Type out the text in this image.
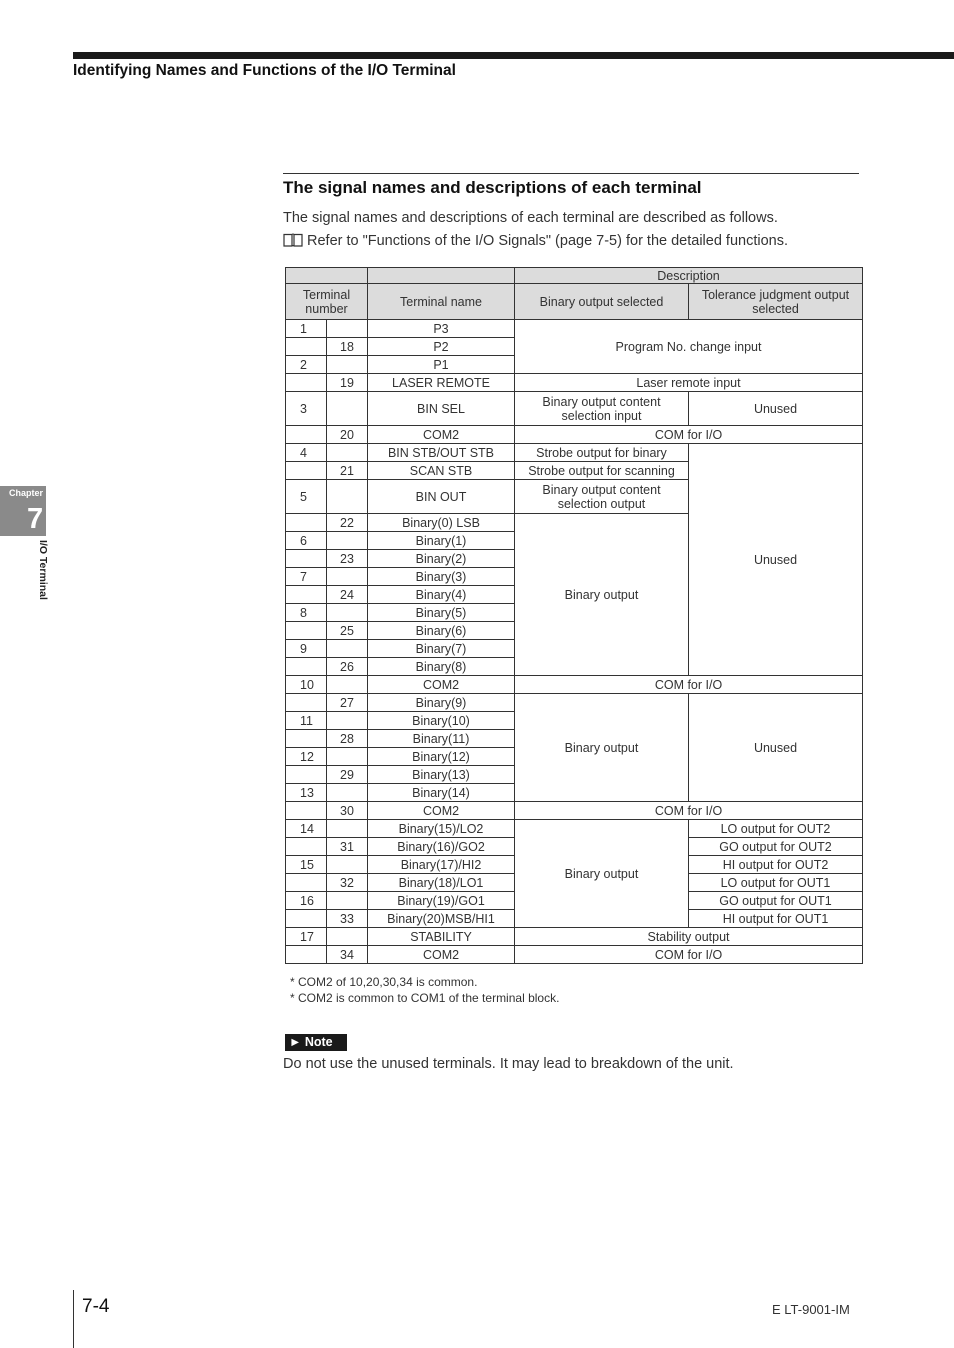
Identifying Names and Functions of the I/O Terminal
The signal names and descriptions of each terminal
The signal names and descriptions of each terminal are described as follows.
Refer to "Functions of the I/O Signals" (page 7-5) for the detailed functions.
			Description	
Terminal number		Terminal name	Binary output selected	Tolerance judgment output selected
1		P3	Program No. change input	
	18	P2		
2		P1		
	19	LASER REMOTE	Laser remote input	
3		BIN SEL	Binary output content selection input	Unused
	20	COM2	COM for I/O	
4		BIN STB/OUT STB	Strobe output for binary	Unused
	21	SCAN STB	Strobe output for scanning	
5		BIN OUT	Binary output content selection output	
	22	Binary(0) LSB	Binary output	
6		Binary(1)		
	23	Binary(2)		
7		Binary(3)		
	24	Binary(4)		
8		Binary(5)		
	25	Binary(6)		
9		Binary(7)		
	26	Binary(8)		
10		COM2	COM for I/O	
	27	Binary(9)	Binary output	Unused
11		Binary(10)		
	28	Binary(11)		
12		Binary(12)		
	29	Binary(13)		
13		Binary(14)		
	30	COM2	COM for I/O	
14		Binary(15)/LO2	Binary output	LO output for OUT2
	31	Binary(16)/GO2		GO output for OUT2
15		Binary(17)/HI2		HI output for OUT2
	32	Binary(18)/LO1		LO output for OUT1
16		Binary(19)/GO1		GO output for OUT1
	33	Binary(20)MSB/HI1		HI output for OUT1
17		STABILITY	Stability output	
	34	COM2	COM for I/O	
* COM2 of 10,20,30,34 is common.
* COM2 is common to COM1 of the terminal block.
► Note
Do not use the unused terminals. It may lead to breakdown of the unit.
Chapter
7
I/O Terminal
7-4	E LT-9001-IM
